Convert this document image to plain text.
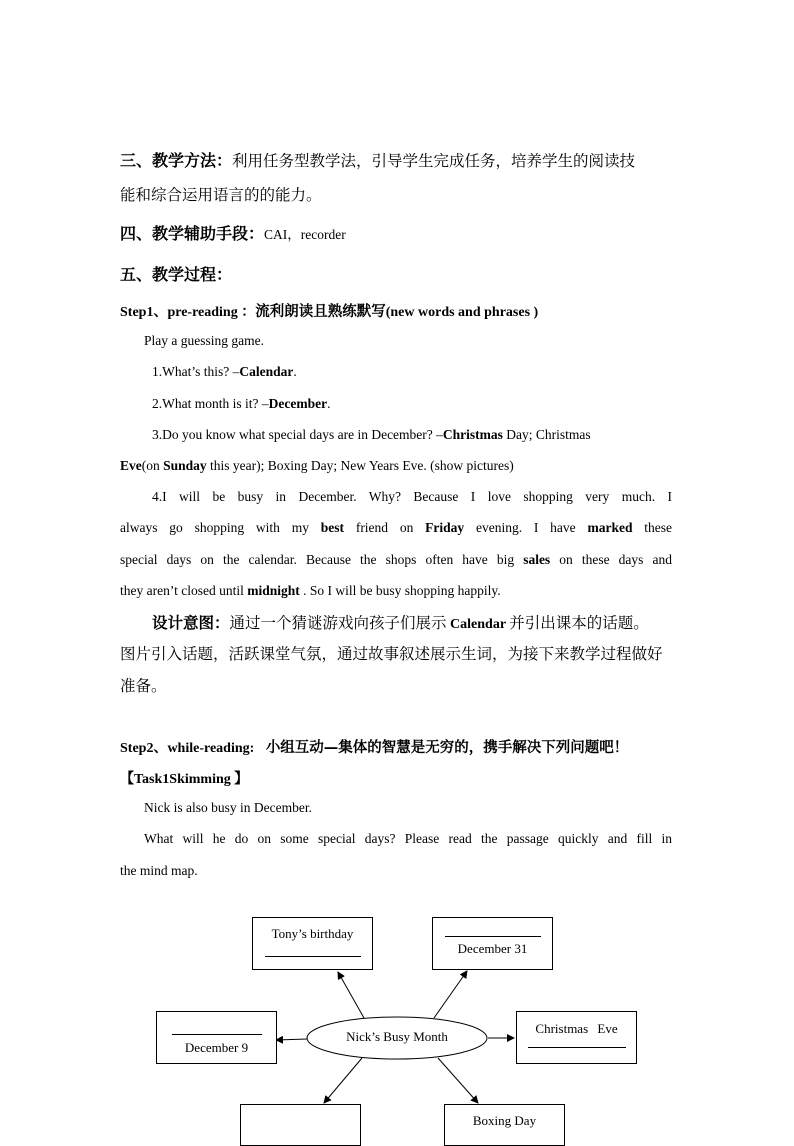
三、教学方法：利用任务型教学法，引导学生完成任务，培养学生的阅读技
能和综合运用语言的的能力。
四、教学辅助手段：CAI，recorder
五、教学过程：
Step1、pre-reading ：流利朗读且熟练默写(new words and phrases )
Play a guessing game.
1.What’s this? –Calendar.
2.What month is it? –December.
3.Do you know what special days are in December? –Christmas Day; Christmas
Eve(on Sunday this year); Boxing Day; New Years Eve. (show pictures)
4.I will be busy in December. Why? Because I love shopping very much. I
always go shopping with my best friend on Friday evening. I have marked these
special days on the calendar. Because the shops often have big sales on these days and
they aren’t closed until midnight . So I will be busy shopping happily.
设计意图：通过一个猜谜游戏向孩子们展示 Calendar 并引出课本的话题。
图片引入话题，活跃课堂气氛，通过故事叙述展示生词，为接下来教学过程做好
准备。
Step2、while-reading: 小组互动—集体的智慧是无穷的，携手解决下列问题吧！
【Task1Skimming 】
Nick is also busy in December.
What will he do on some special days? Please read the passage quickly and fill in
the mind map.
Nick’s Busy Month
Tony’s birthday
December 31
December 9
Christmas Eve
Boxing Day
